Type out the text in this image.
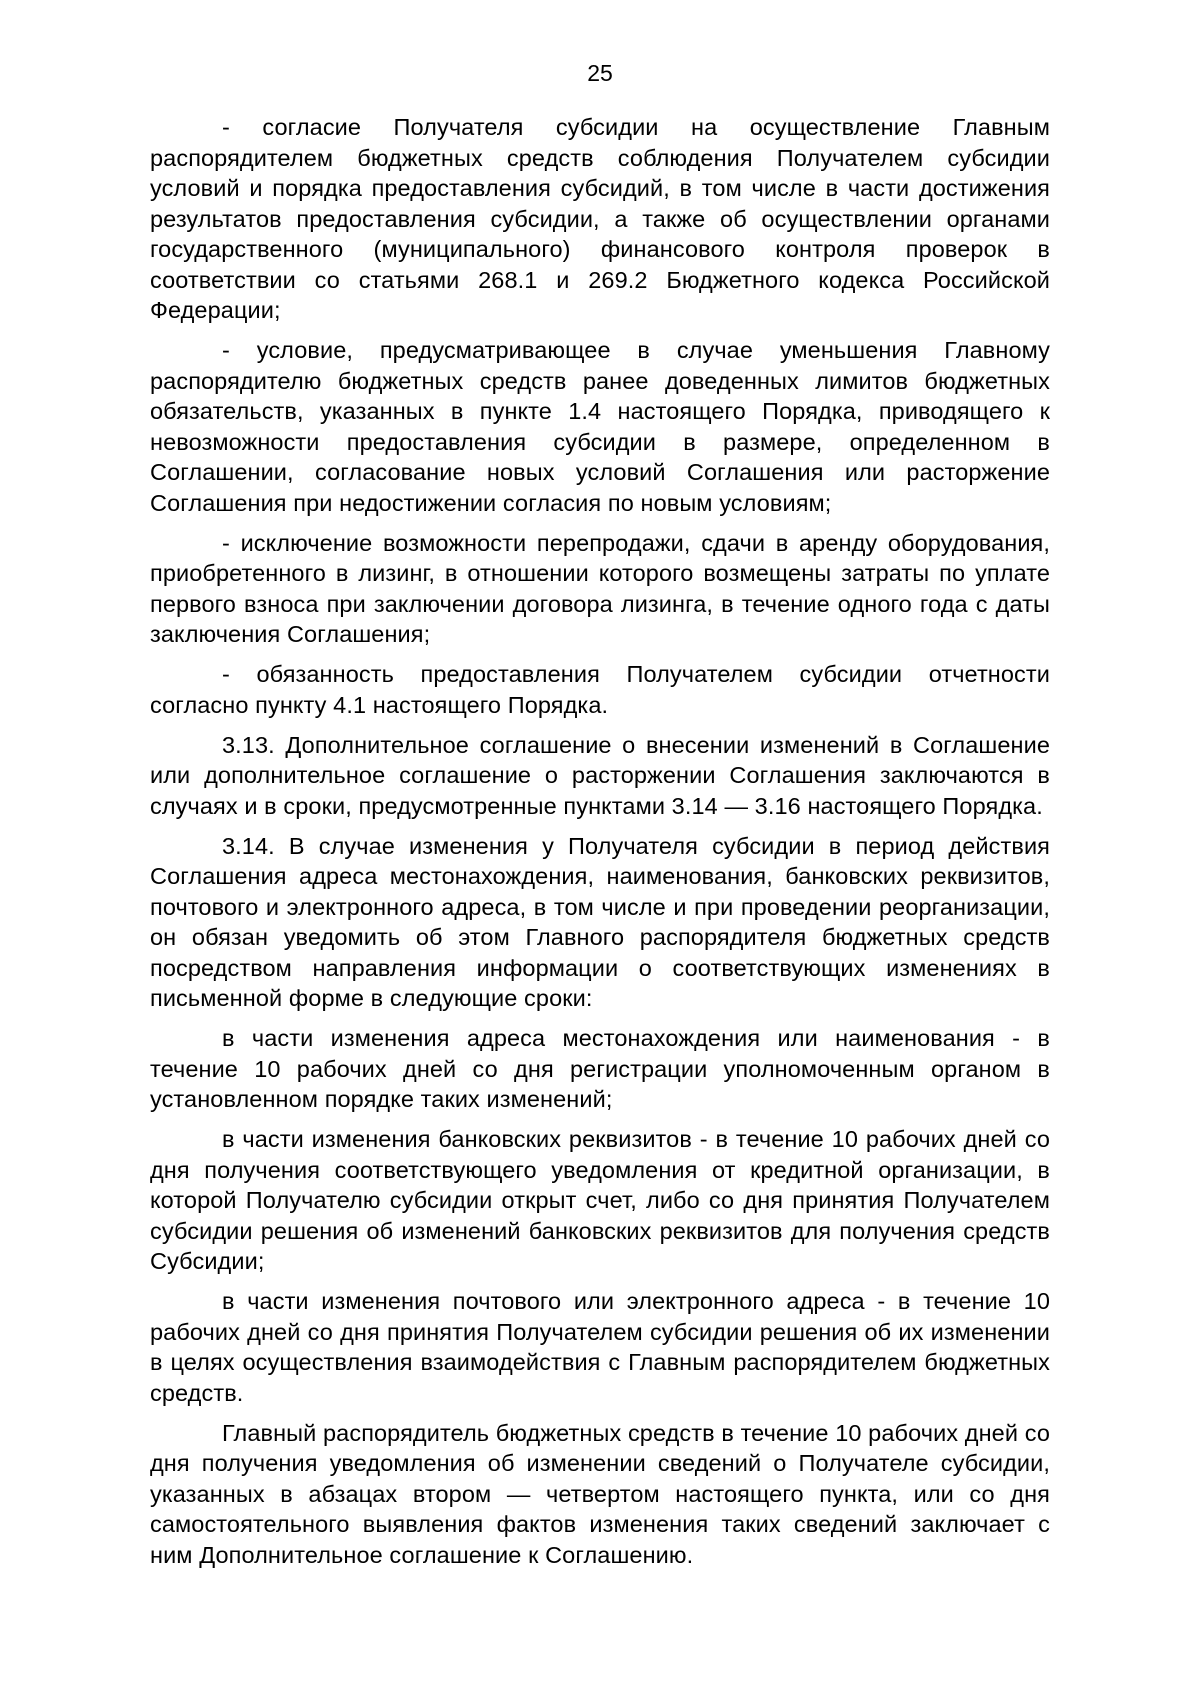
25

- согласие Получателя субсидии на осуществление Главным распорядителем бюджетных средств соблюдения Получателем субсидии условий и порядка предоставления субсидий, в том числе в части достижения результатов предоставления субсидии, а также об осуществлении органами государственного (муниципального) финансового контроля проверок в соответствии со статьями 268.1 и 269.2 Бюджетного кодекса Российской Федерации;

- условие, предусматривающее в случае уменьшения Главному распорядителю бюджетных средств ранее доведенных лимитов бюджетных обязательств, указанных в пункте 1.4 настоящего Порядка, приводящего к невозможности предоставления субсидии в размере, определенном в Соглашении, согласование новых условий Соглашения или расторжение Соглашения при недостижении согласия по новым условиям;

- исключение возможности перепродажи, сдачи в аренду оборудования, приобретенного в лизинг, в отношении которого возмещены затраты по уплате первого взноса при заключении договора лизинга, в течение одного года с даты заключения Соглашения;

- обязанность предоставления Получателем субсидии отчетности согласно пункту 4.1 настоящего Порядка.

3.13. Дополнительное соглашение о внесении изменений в Соглашение или дополнительное соглашение о расторжении Соглашения заключаются в случаях и в сроки, предусмотренные пунктами 3.14 — 3.16 настоящего Порядка.

3.14. В случае изменения у Получателя субсидии в период действия Соглашения адреса местонахождения, наименования, банковских реквизитов, почтового и электронного адреса, в том числе и при проведении реорганизации, он обязан уведомить об этом Главного распорядителя бюджетных средств посредством направления информации о соответствующих изменениях в письменной форме в следующие сроки:

в части изменения адреса местонахождения или наименования - в течение 10 рабочих дней со дня регистрации уполномоченным органом в установленном порядке таких изменений;

в части изменения банковских реквизитов - в течение 10 рабочих дней со дня получения соответствующего уведомления от кредитной организации, в которой Получателю субсидии открыт счет, либо со дня принятия Получателем субсидии решения об изменений банковских реквизитов для получения средств Субсидии;

в части изменения почтового или электронного адреса - в течение 10 рабочих дней со дня принятия Получателем субсидии решения об их изменении в целях осуществления взаимодействия с Главным распорядителем бюджетных средств.

Главный распорядитель бюджетных средств в течение 10 рабочих дней со дня получения уведомления об изменении сведений о Получателе субсидии, указанных в абзацах втором — четвертом настоящего пункта, или со дня самостоятельного выявления фактов изменения таких сведений заключает с ним Дополнительное соглашение к Соглашению.
